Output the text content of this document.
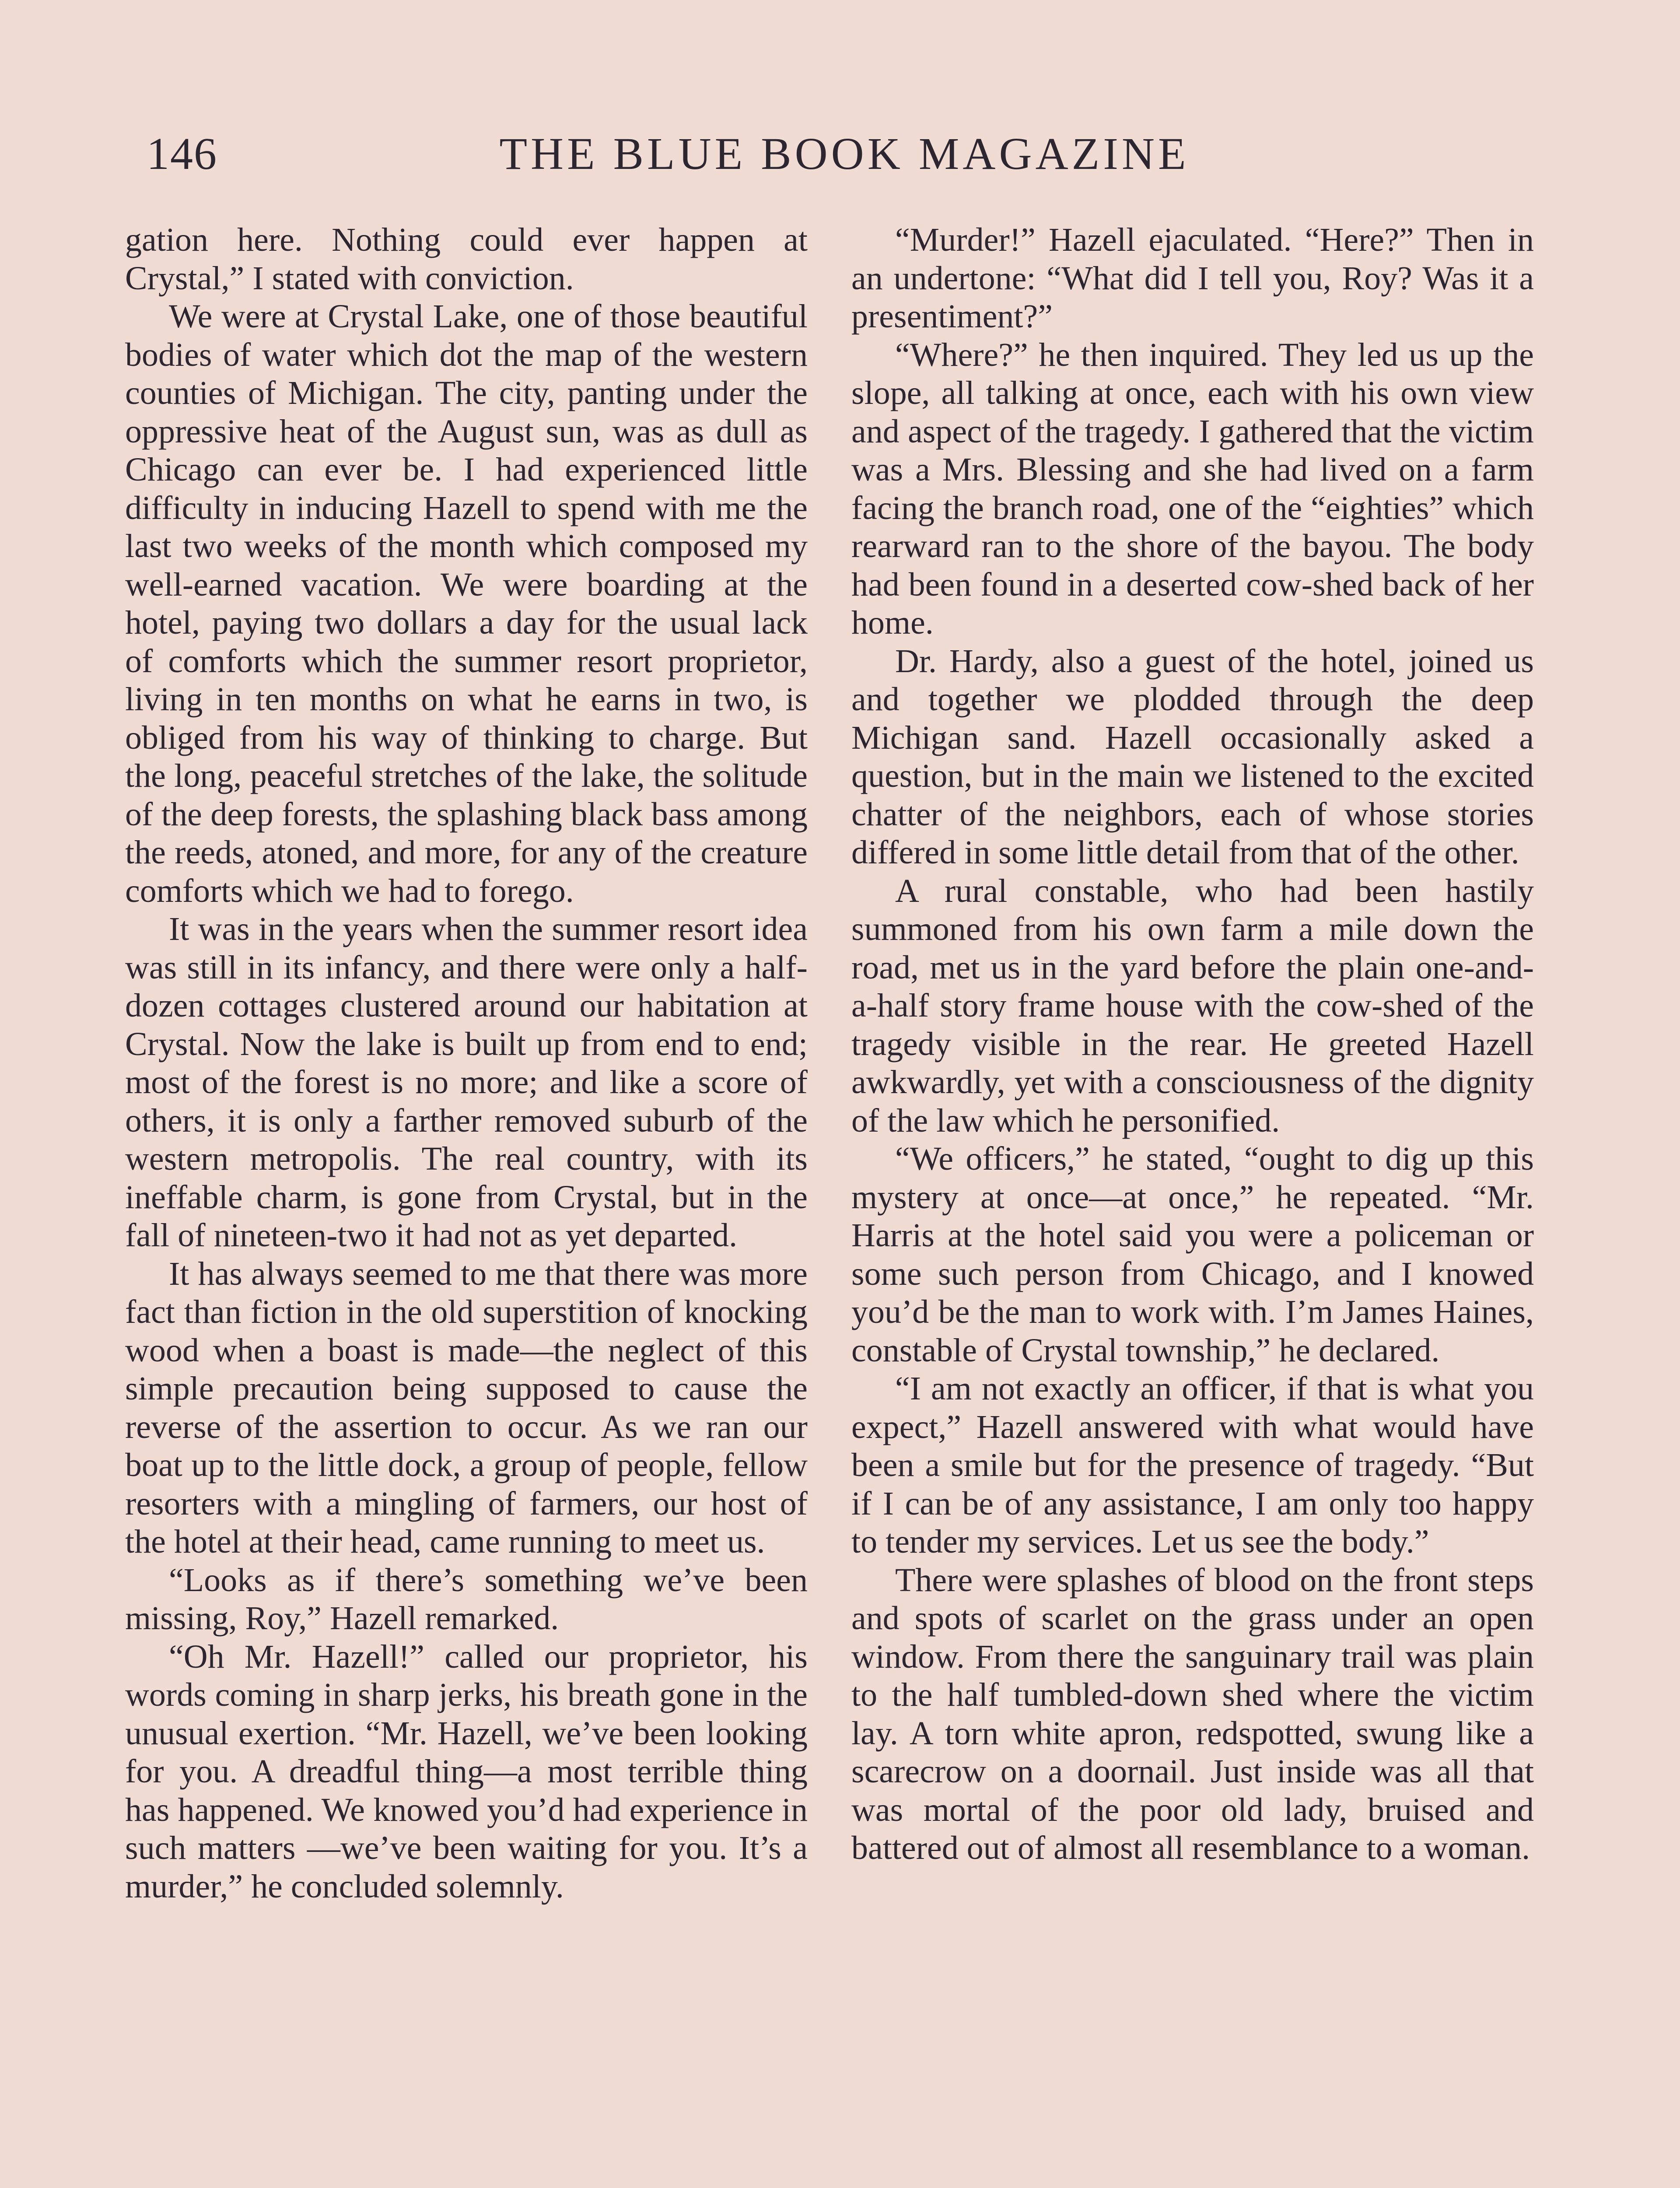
146	THE BLUE BOOK MAGAZINE

gation here. Nothing could ever happen at Crystal,” I stated with conviction.

We were at Crystal Lake, one of those beautiful bodies of water which dot the map of the western counties of Michigan. The city, panting under the oppressive heat of the August sun, was as dull as Chicago can ever be. I had experienced little difficulty in inducing Hazell to spend with me the last two weeks of the month which composed my well-earned vacation. We were boarding at the hotel, paying two dollars a day for the usual lack of comforts which the summer resort proprietor, living in ten months on what he earns in two, is obliged from his way of thinking to charge. But the long, peaceful stretches of the lake, the solitude of the deep forests, the splashing black bass among the reeds, atoned, and more, for any of the creature comforts which we had to forego.

It was in the years when the summer resort idea was still in its infancy, and there were only a half-dozen cottages clustered around our habitation at Crystal. Now the lake is built up from end to end; most of the forest is no more; and like a score of others, it is only a farther removed suburb of the western metropolis. The real country, with its ineffable charm, is gone from Crystal, but in the fall of nineteen-two it had not as yet departed.

It has always seemed to me that there was more fact than fiction in the old superstition of knocking wood when a boast is made—the neglect of this simple precaution being supposed to cause the reverse of the assertion to occur. As we ran our boat up to the little dock, a group of people, fellow resorters with a mingling of farmers, our host of the hotel at their head, came running to meet us.

“Looks as if there’s something we’ve been missing, Roy,” Hazell remarked.

“Oh Mr. Hazell!” called our proprietor, his words coming in sharp jerks, his breath gone in the unusual exertion. “Mr. Hazell, we’ve been looking for you. A dreadful thing—a most terrible thing has happened. We knowed you’d had experience in such matters —we’ve been waiting for you. It’s a murder,” he concluded solemnly.

“Murder!” Hazell ejaculated. “Here?” Then in an undertone: “What did I tell you, Roy? Was it a presentiment?”

“Where?” he then inquired. They led us up the slope, all talking at once, each with his own view and aspect of the tragedy. I gathered that the victim was a Mrs. Blessing and she had lived on a farm facing the branch road, one of the “eighties” which rearward ran to the shore of the bayou. The body had been found in a deserted cow-shed back of her home.

Dr. Hardy, also a guest of the hotel, joined us and together we plodded through the deep Michigan sand. Hazell occasionally asked a question, but in the main we listened to the excited chatter of the neighbors, each of whose stories differed in some little detail from that of the other.

A rural constable, who had been hastily summoned from his own farm a mile down the road, met us in the yard before the plain one-and-a-half story frame house with the cow-shed of the tragedy visible in the rear. He greeted Hazell awkwardly, yet with a consciousness of the dignity of the law which he personified.

“We officers,” he stated, “ought to dig up this mystery at once—at once,” he repeated. “Mr. Harris at the hotel said you were a policeman or some such person from Chicago, and I knowed you’d be the man to work with. I’m James Haines, constable of Crystal township,” he declared.

“I am not exactly an officer, if that is what you expect,” Hazell answered with what would have been a smile but for the presence of tragedy. “But if I can be of any assistance, I am only too happy to tender my services. Let us see the body.”

There were splashes of blood on the front steps and spots of scarlet on the grass under an open window. From there the sanguinary trail was plain to the half tumbled-down shed where the victim lay. A torn white apron, redspotted, swung like a scarecrow on a doornail. Just inside was all that was mortal of the poor old lady, bruised and battered out of almost all resemblance to a woman.
